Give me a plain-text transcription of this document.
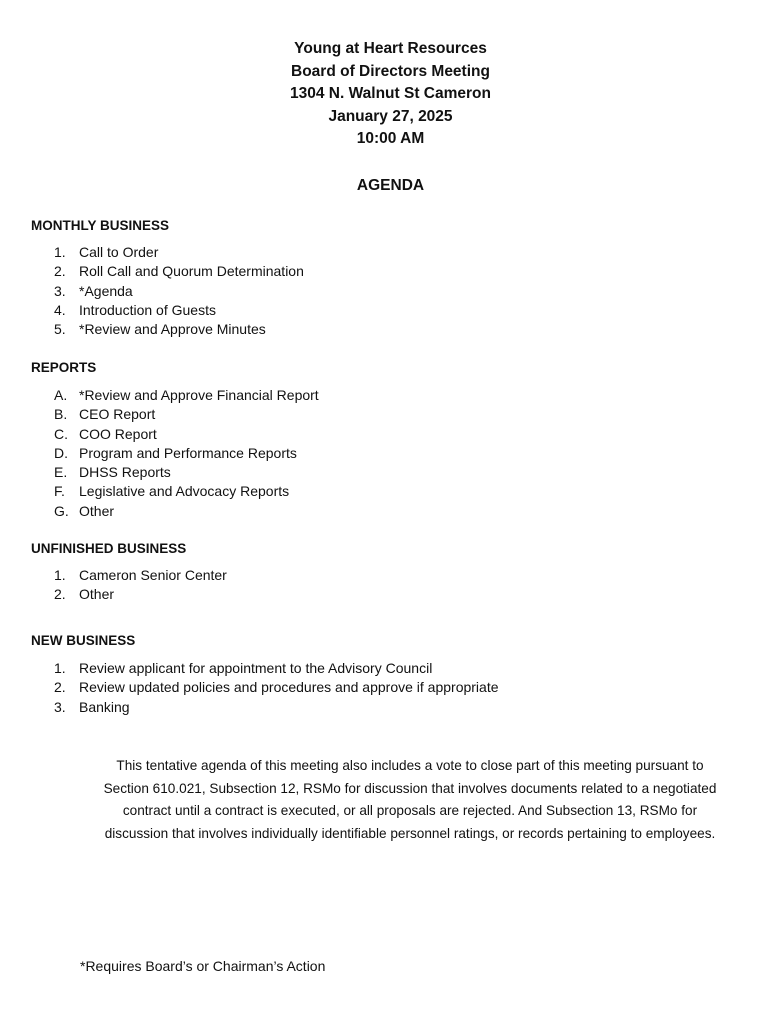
Young at Heart Resources
Board of Directors Meeting
1304 N. Walnut St Cameron
January 27, 2025
10:00 AM
AGENDA
MONTHLY BUSINESS
1. Call to Order
2. Roll Call and Quorum Determination
3. *Agenda
4. Introduction of Guests
5. *Review and Approve Minutes
REPORTS
A. *Review and Approve Financial Report
B. CEO Report
C. COO Report
D. Program and Performance Reports
E. DHSS Reports
F.	Legislative and Advocacy Reports
G. Other
UNFINISHED BUSINESS
1. Cameron Senior Center
2. Other
NEW BUSINESS
1. Review applicant for appointment to the Advisory Council
2. Review updated policies and procedures and approve if appropriate
3. Banking
This tentative agenda of this meeting also includes a vote to close part of this meeting pursuant to
Section 610.021, Subsection 12, RSMo for discussion that involves documents related to a negotiated
contract until a contract is executed, or all proposals are rejected. And Subsection 13, RSMo for
discussion that involves individually identifiable personnel ratings, or records pertaining to employees.
*Requires Board’s or Chairman’s Action
